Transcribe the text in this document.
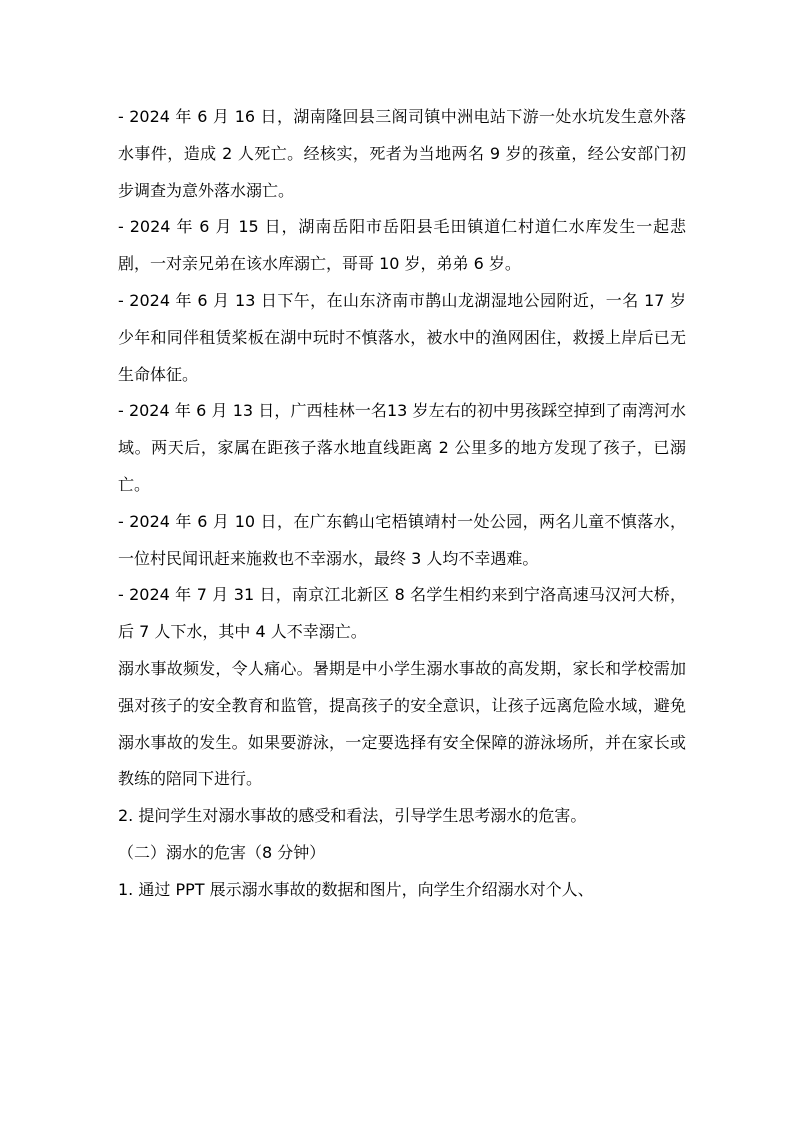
- 2024 年 6 月 16 日，湖南隆回县三阁司镇中洲电站下游一处水坑发生意外落水事件，造成 2 人死亡。经核实，死者为当地两名 9 岁的孩童，经公安部门初步调查为意外落水溺亡。

- 2024 年 6 月 15 日，湖南岳阳市岳阳县毛田镇道仁村道仁水库发生一起悲剧，一对亲兄弟在该水库溺亡，哥哥 10 岁，弟弟 6 岁。

- 2024 年 6 月 13 日下午，在山东济南市鹊山龙湖湿地公园附近，一名 17 岁少年和同伴租赁桨板在湖中玩时不慎落水，被水中的渔网困住，救援上岸后已无生命体征。

- 2024 年 6 月 13 日，广西桂林一名13 岁左右的初中男孩踩空掉到了南湾河水域。两天后，家属在距孩子落水地直线距离 2 公里多的地方发现了孩子，已溺亡。

- 2024 年 6 月 10 日，在广东鹤山宅梧镇靖村一处公园，两名儿童不慎落水，一位村民闻讯赶来施救也不幸溺水，最终 3 人均不幸遇难。

- 2024 年 7 月 31 日，南京江北新区 8 名学生相约来到宁洛高速马汉河大桥，后 7 人下水，其中 4 人不幸溺亡。

溺水事故频发，令人痛心。暑期是中小学生溺水事故的高发期，家长和学校需加强对孩子的安全教育和监管，提高孩子的安全意识，让孩子远离危险水域，避免溺水事故的发生。如果要游泳，一定要选择有安全保障的游泳场所，并在家长或教练的陪同下进行。

2. 提问学生对溺水事故的感受和看法，引导学生思考溺水的危害。

（二）溺水的危害（8 分钟）

1. 通过 PPT 展示溺水事故的数据和图片，向学生介绍溺水对个人、
